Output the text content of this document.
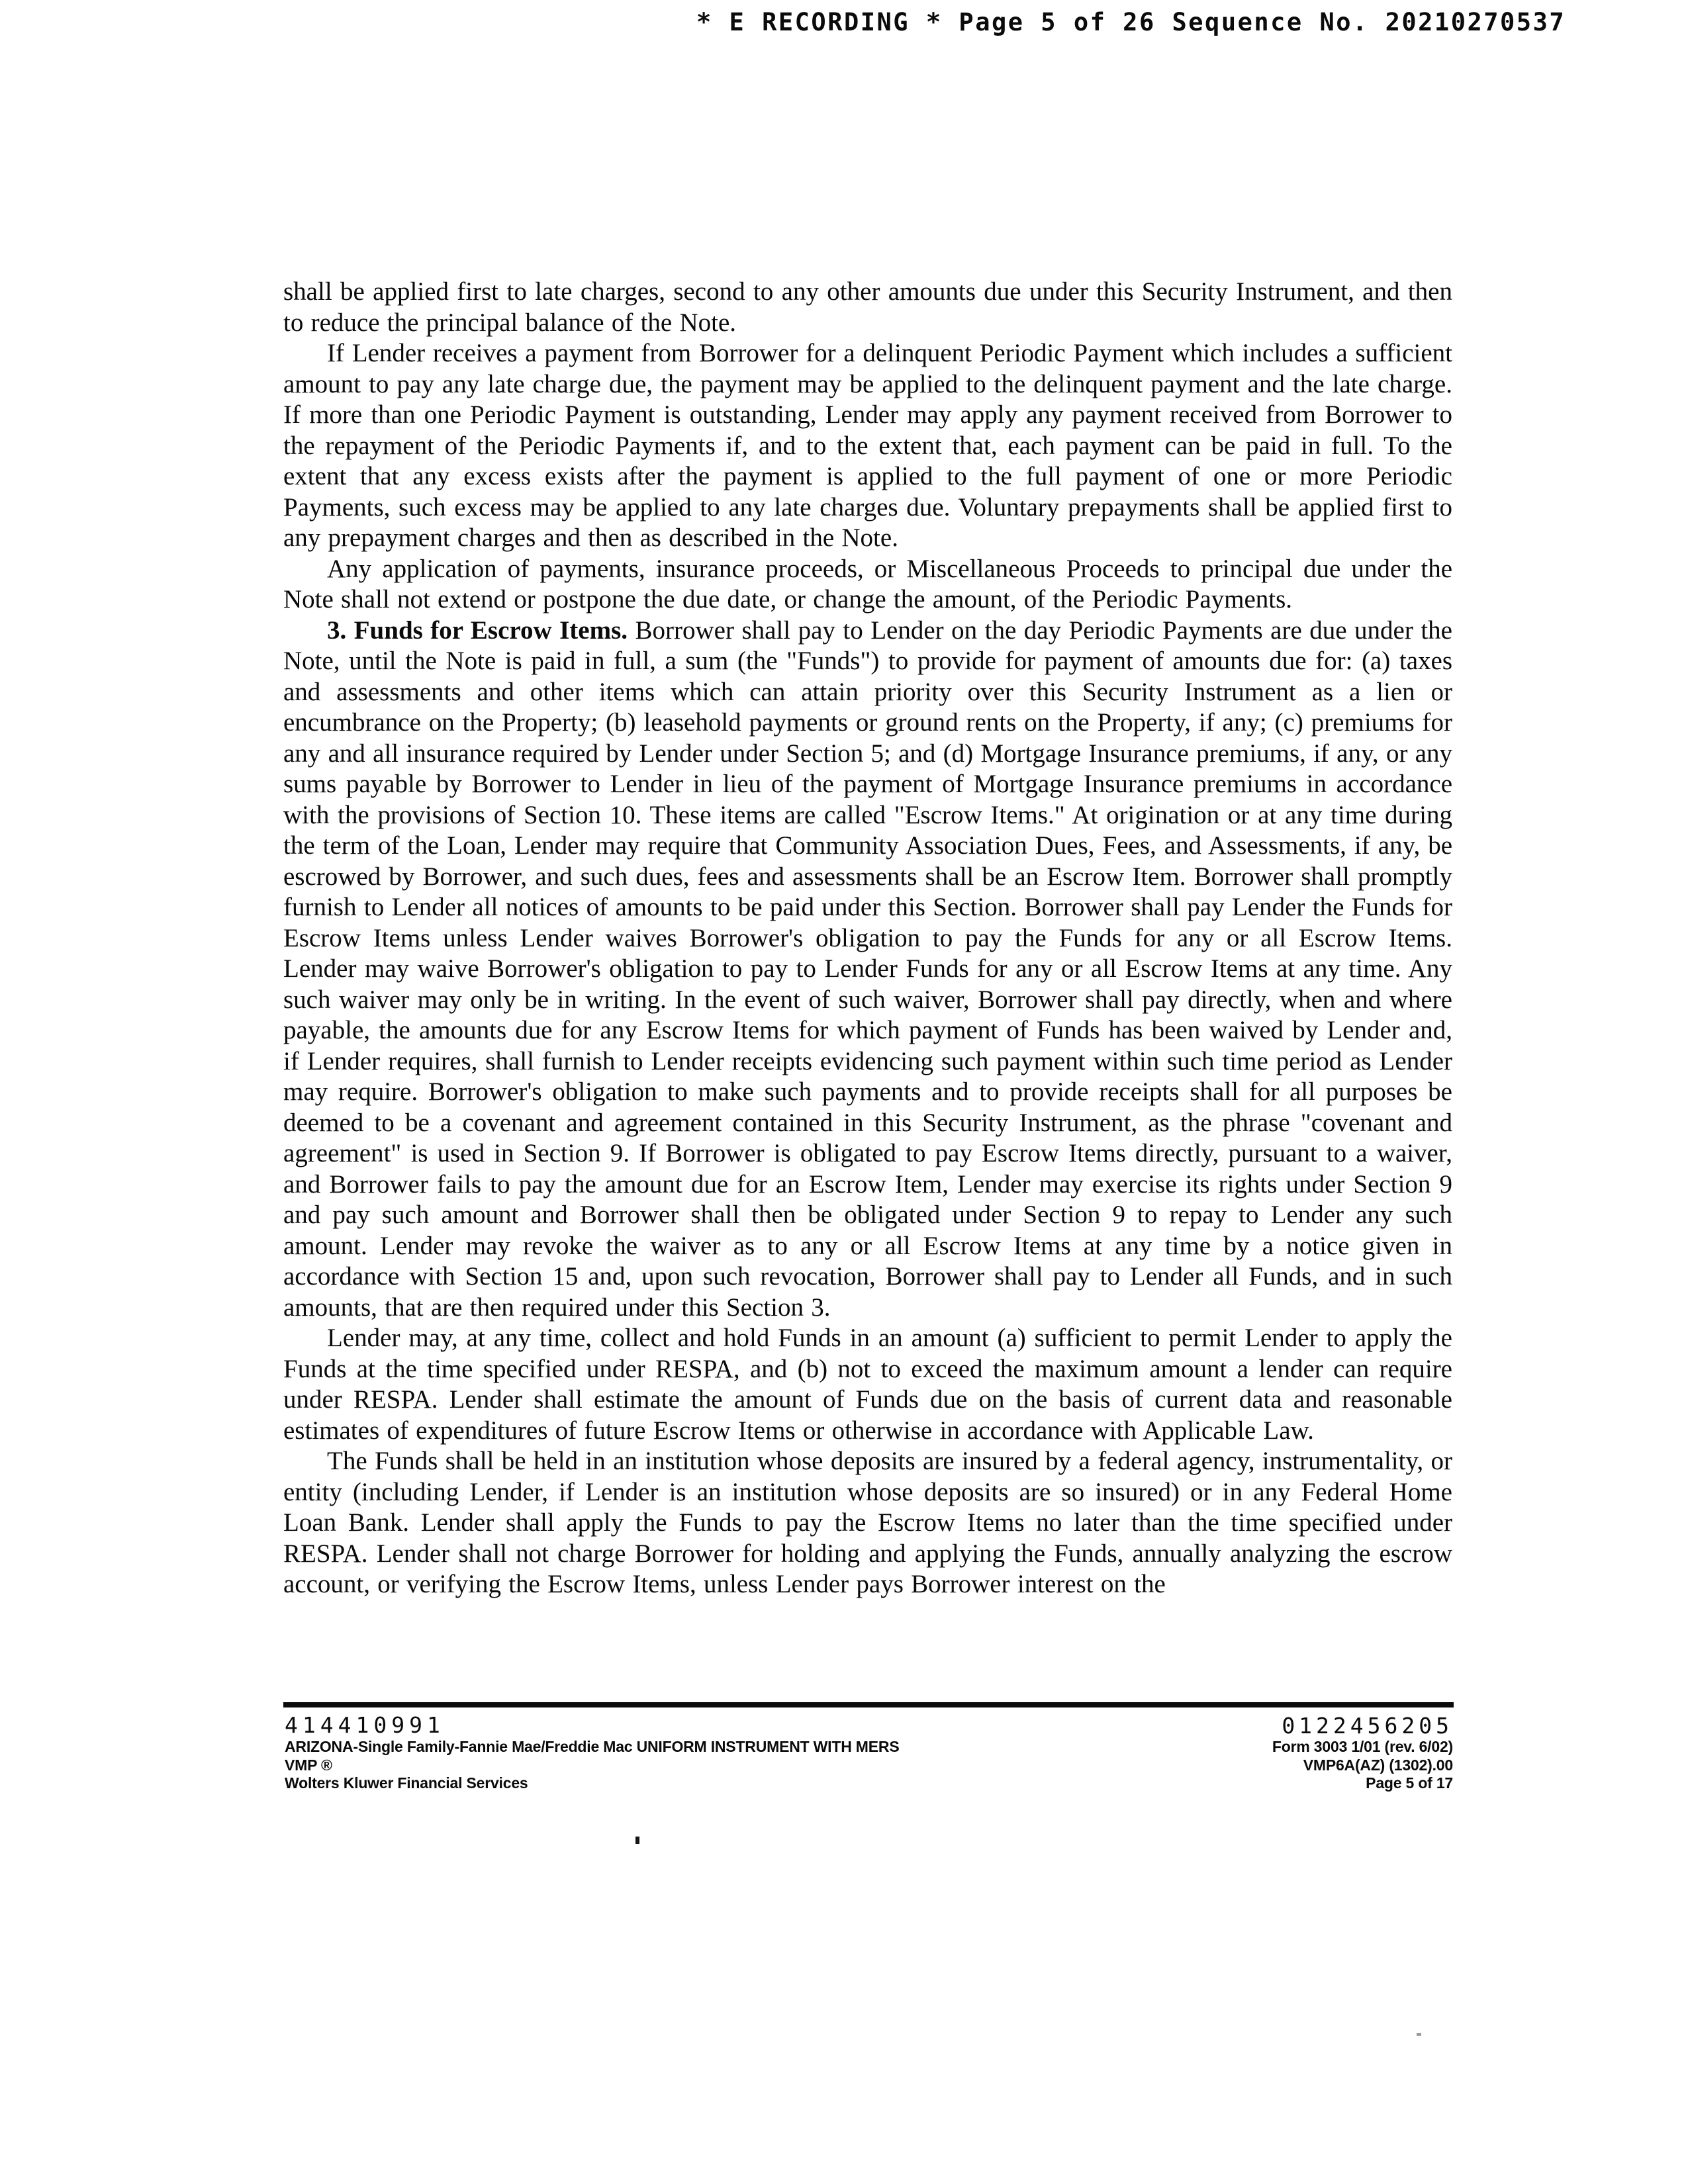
* E RECORDING * Page 5 of 26 Sequence No. 20210270537

shall be applied first to late charges, second to any other amounts due under this Security Instrument, and then to reduce the principal balance of the Note.

If Lender receives a payment from Borrower for a delinquent Periodic Payment which includes a sufficient amount to pay any late charge due, the payment may be applied to the delinquent payment and the late charge. If more than one Periodic Payment is outstanding, Lender may apply any payment received from Borrower to the repayment of the Periodic Payments if, and to the extent that, each payment can be paid in full. To the extent that any excess exists after the payment is applied to the full payment of one or more Periodic Payments, such excess may be applied to any late charges due. Voluntary prepayments shall be applied first to any prepayment charges and then as described in the Note.

Any application of payments, insurance proceeds, or Miscellaneous Proceeds to principal due under the Note shall not extend or postpone the due date, or change the amount, of the Periodic Payments.

3. Funds for Escrow Items. Borrower shall pay to Lender on the day Periodic Payments are due under the Note, until the Note is paid in full, a sum (the "Funds") to provide for payment of amounts due for: (a) taxes and assessments and other items which can attain priority over this Security Instrument as a lien or encumbrance on the Property; (b) leasehold payments or ground rents on the Property, if any; (c) premiums for any and all insurance required by Lender under Section 5; and (d) Mortgage Insurance premiums, if any, or any sums payable by Borrower to Lender in lieu of the payment of Mortgage Insurance premiums in accordance with the provisions of Section 10. These items are called "Escrow Items." At origination or at any time during the term of the Loan, Lender may require that Community Association Dues, Fees, and Assessments, if any, be escrowed by Borrower, and such dues, fees and assessments shall be an Escrow Item. Borrower shall promptly furnish to Lender all notices of amounts to be paid under this Section. Borrower shall pay Lender the Funds for Escrow Items unless Lender waives Borrower's obligation to pay the Funds for any or all Escrow Items. Lender may waive Borrower's obligation to pay to Lender Funds for any or all Escrow Items at any time. Any such waiver may only be in writing. In the event of such waiver, Borrower shall pay directly, when and where payable, the amounts due for any Escrow Items for which payment of Funds has been waived by Lender and, if Lender requires, shall furnish to Lender receipts evidencing such payment within such time period as Lender may require. Borrower's obligation to make such payments and to provide receipts shall for all purposes be deemed to be a covenant and agreement contained in this Security Instrument, as the phrase "covenant and agreement" is used in Section 9. If Borrower is obligated to pay Escrow Items directly, pursuant to a waiver, and Borrower fails to pay the amount due for an Escrow Item, Lender may exercise its rights under Section 9 and pay such amount and Borrower shall then be obligated under Section 9 to repay to Lender any such amount. Lender may revoke the waiver as to any or all Escrow Items at any time by a notice given in accordance with Section 15 and, upon such revocation, Borrower shall pay to Lender all Funds, and in such amounts, that are then required under this Section 3.

Lender may, at any time, collect and hold Funds in an amount (a) sufficient to permit Lender to apply the Funds at the time specified under RESPA, and (b) not to exceed the maximum amount a lender can require under RESPA. Lender shall estimate the amount of Funds due on the basis of current data and reasonable estimates of expenditures of future Escrow Items or otherwise in accordance with Applicable Law.

The Funds shall be held in an institution whose deposits are insured by a federal agency, instrumentality, or entity (including Lender, if Lender is an institution whose deposits are so insured) or in any Federal Home Loan Bank. Lender shall apply the Funds to pay the Escrow Items no later than the time specified under RESPA. Lender shall not charge Borrower for holding and applying the Funds, annually analyzing the escrow account, or verifying the Escrow Items, unless Lender pays Borrower interest on the

414410991
ARIZONA-Single Family-Fannie Mae/Freddie Mac UNIFORM INSTRUMENT WITH MERS
VMP ®
Wolters Kluwer Financial Services
0122456205
Form 3003 1/01 (rev. 6/02)
VMP6A(AZ) (1302).00
Page 5 of 17
